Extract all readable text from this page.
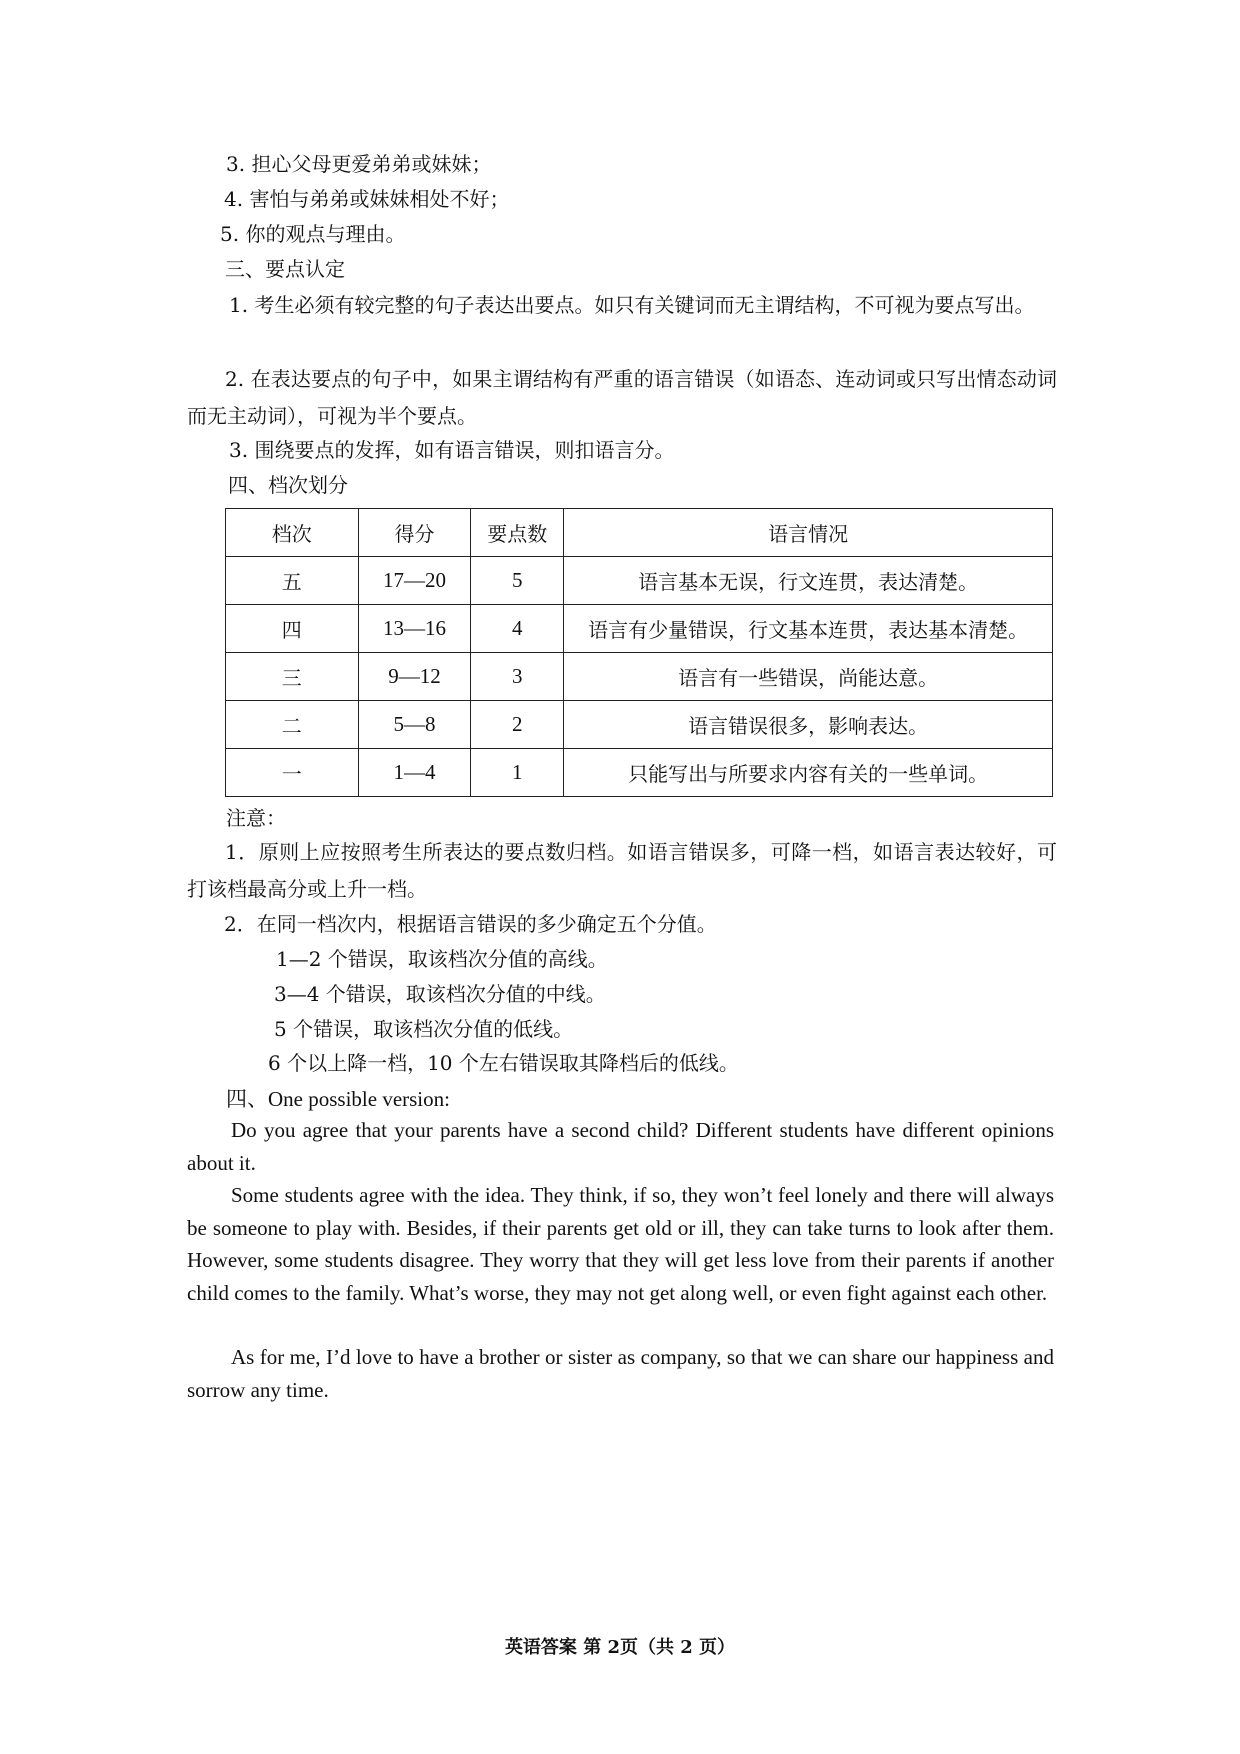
3. 担心父母更爱弟弟或妹妹；
4. 害怕与弟弟或妹妹相处不好；
5. 你的观点与理由。
三、要点认定
1. 考生必须有较完整的句子表达出要点。如只有关键词而无主谓结构，不可视为要点写出。
2. 在表达要点的句子中，如果主谓结构有严重的语言错误（如语态、连动词或只写出情态动词而无主动词），可视为半个要点。
3. 围绕要点的发挥，如有语言错误，则扣语言分。
四、档次划分
档次	得分	要点数	语言情况
五	17—20	5	语言基本无误，行文连贯，表达清楚。
四	13—16	4	语言有少量错误，行文基本连贯，表达基本清楚。
三	9—12	3	语言有一些错误，尚能达意。
二	5—8	2	语言错误很多，影响表达。
一	1—4	1	只能写出与所要求内容有关的一些单词。
注意：
1．原则上应按照考生所表达的要点数归档。如语言错误多，可降一档，如语言表达较好，可打该档最高分或上升一档。
2．在同一档次内，根据语言错误的多少确定五个分值。
1—2 个错误，取该档次分值的高线。
3—4 个错误，取该档次分值的中线。
5 个错误，取该档次分值的低线。
6 个以上降一档，10 个左右错误取其降档后的低线。
四、One possible version:
Do you agree that your parents have a second child? Different students have different opinions about it.
Some students agree with the idea. They think, if so, they won’t feel lonely and there will always be someone to play with. Besides, if their parents get old or ill, they can take turns to look after them. However, some students disagree. They worry that they will get less love from their parents if another child comes to the family. What’s worse, they may not get along well, or even fight against each other.
As for me, I’d love to have a brother or sister as company, so that we can share our happiness and sorrow any time.
英语答案 第 2页（共 2 页）
